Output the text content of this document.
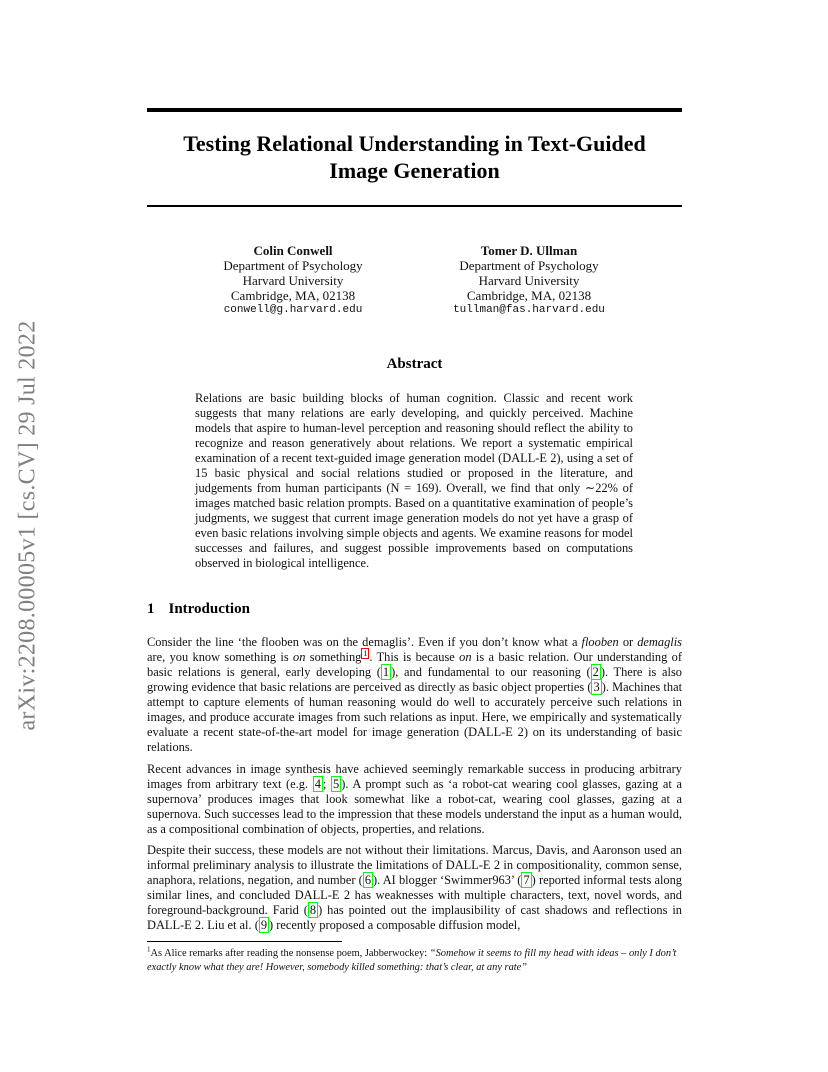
arXiv:2208.00005v1 [cs.CV] 29 Jul 2022
Testing Relational Understanding in Text-Guided
Image Generation
Colin Conwell
Department of Psychology
Harvard University
Cambridge, MA, 02138
conwell@g.harvard.edu
Tomer D. Ullman
Department of Psychology
Harvard University
Cambridge, MA, 02138
tullman@fas.harvard.edu
Abstract

Relations are basic building blocks of human cognition. Classic and recent work suggests that many relations are early developing, and quickly perceived. Machine models that aspire to human-level perception and reasoning should reflect the ability to recognize and reason generatively about relations. We report a systematic empirical examination of a recent text-guided image generation model (DALL-E 2), using a set of 15 basic physical and social relations studied or proposed in the literature, and judgements from human participants (N = 169). Overall, we find that only ∼22% of images matched basic relation prompts. Based on a quantitative examination of people’s judgments, we suggest that current image generation models do not yet have a grasp of even basic relations involving simple objects and agents. We examine reasons for model successes and failures, and suggest possible improvements based on computations observed in biological intelligence.

1 Introduction

Consider the line ‘the flooben was on the demaglis’. Even if you don’t know what a flooben or demaglis are, you know something is on something $^1$ . This is because on is a basic relation. Our understanding of basic relations is general, early developing ( 1 ), and fundamental to our reasoning ( 2 ). There is also growing evidence that basic relations are perceived as directly as basic object properties ( 3 ). Machines that attempt to capture elements of human reasoning would do well to accurately perceive such relations in images, and produce accurate images from such relations as input. Here, we empirically and systematically evaluate a recent state-of-the-art model for image generation (DALL-E 2) on its understanding of basic relations.

Recent advances in image synthesis have achieved seemingly remarkable success in producing arbitrary images from arbitrary text (e.g. 4 ; 5 ). A prompt such as ‘a robot-cat wearing cool glasses, gazing at a supernova’ produces images that look somewhat like a robot-cat, wearing cool glasses, gazing at a supernova. Such successes lead to the impression that these models understand the input as a human would, as a compositional combination of objects, properties, and relations.

Despite their success, these models are not without their limitations. Marcus, Davis, and Aaronson used an informal preliminary analysis to illustrate the limitations of DALL-E 2 in compositionality, common sense, anaphora, relations, negation, and number ( 6 ). AI blogger ‘Swimmer963’ ( 7 ) reported informal tests along similar lines, and concluded DALL-E 2 has weaknesses with multiple characters, text, novel words, and foreground-background. Farid ( 8 ) has pointed out the implausibility of cast shadows and reflections in DALL-E 2. Liu et al. ( 9 ) recently proposed a composable diffusion model,

$^1$As Alice remarks after reading the nonsense poem, Jabberwockey: “Somehow it seems to fill my head with ideas – only I don’t exactly know what they are! However, somebody killed something: that’s clear, at any rate”
